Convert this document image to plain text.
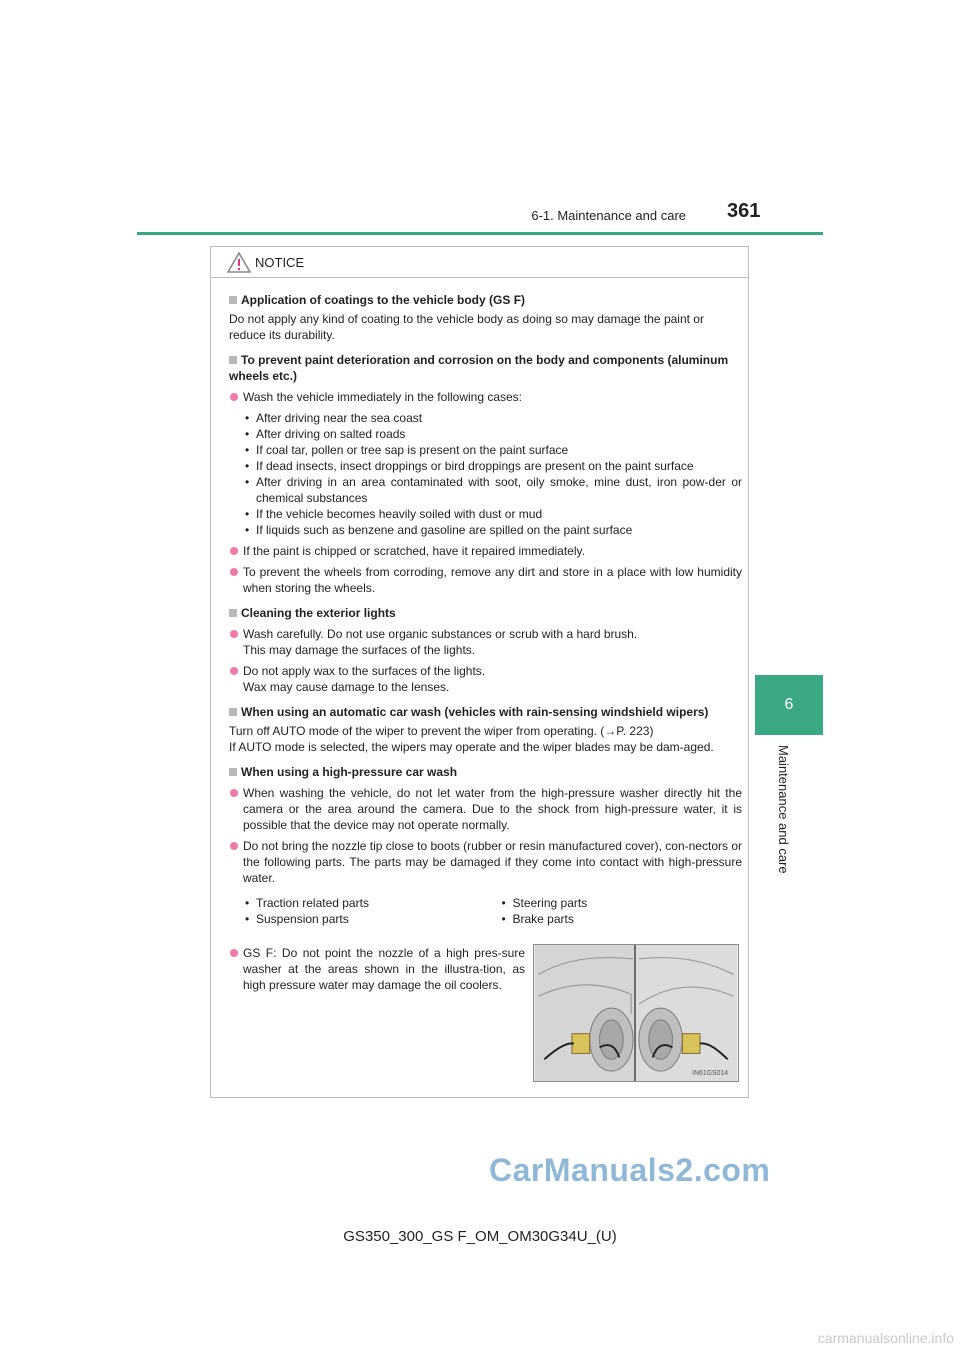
6-1. Maintenance and care 361
6
Maintenance and care
NOTICE
Application of coatings to the vehicle body (GS F)
Do not apply any kind of coating to the vehicle body as doing so may damage the paint or reduce its durability.
To prevent paint deterioration and corrosion on the body and components (aluminum wheels etc.)
Wash the vehicle immediately in the following cases:
• After driving near the sea coast
• After driving on salted roads
• If coal tar, pollen or tree sap is present on the paint surface
• If dead insects, insect droppings or bird droppings are present on the paint surface
• After driving in an area contaminated with soot, oily smoke, mine dust, iron pow-der or chemical substances
• If the vehicle becomes heavily soiled with dust or mud
• If liquids such as benzene and gasoline are spilled on the paint surface
If the paint is chipped or scratched, have it repaired immediately.
To prevent the wheels from corroding, remove any dirt and store in a place with low humidity when storing the wheels.
Cleaning the exterior lights
Wash carefully. Do not use organic substances or scrub with a hard brush.
This may damage the surfaces of the lights.
Do not apply wax to the surfaces of the lights.
Wax may cause damage to the lenses.
When using an automatic car wash (vehicles with rain-sensing windshield wipers)
Turn off AUTO mode of the wiper to prevent the wiper from operating. (→P. 223)
If AUTO mode is selected, the wipers may operate and the wiper blades may be dam-aged.
When using a high-pressure car wash
When washing the vehicle, do not let water from the high-pressure washer directly hit the camera or the area around the camera. Due to the shock from high-pressure water, it is possible that the device may not operate normally.
Do not bring the nozzle tip close to boots (rubber or resin manufactured cover), con-nectors or the following parts. The parts may be damaged if they come into contact with high-pressure water.
• Traction related parts
• Suspension parts
• Steering parts
• Brake parts
GS F: Do not point the nozzle of a high pres-sure washer at the areas shown in the illustra-tion, as high pressure water may damage the oil coolers.
IN61GS014
CarManuals2.com
GS350_300_GS F_OM_OM30G34U_(U)
carmanualsonline.info
